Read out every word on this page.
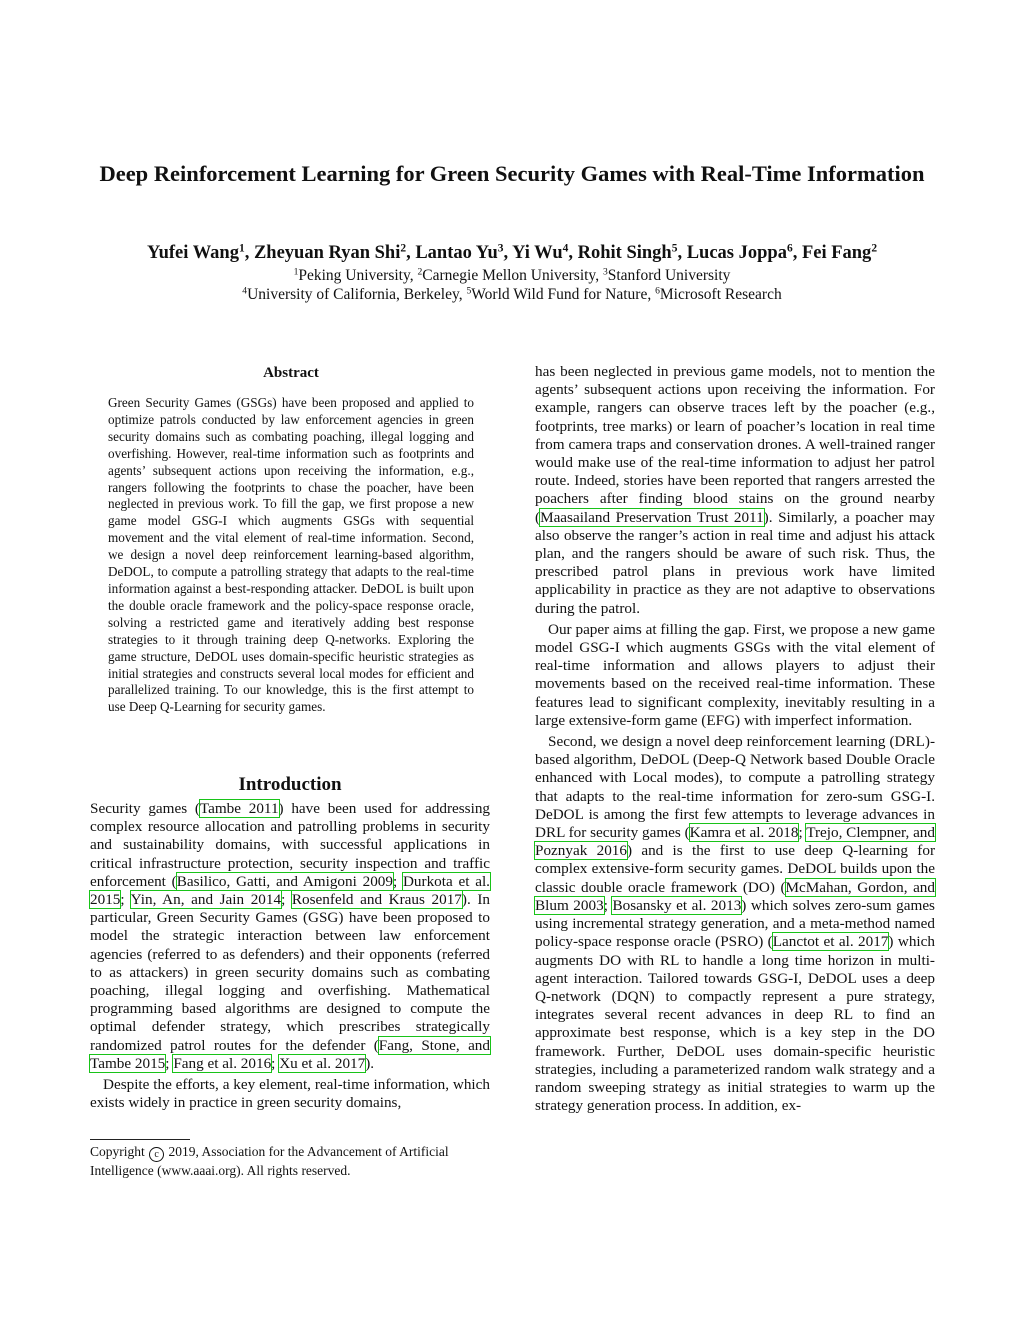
Deep Reinforcement Learning for Green Security Games with Real-Time Information
Yufei Wang$^1$, Zheyuan Ryan Shi$^2$, Lantao Yu$^3$, Yi Wu$^4$, Rohit Singh$^5$, Lucas Joppa$^6$, Fei Fang$^2$
$^1$Peking University, $^2$Carnegie Mellon University, $^3$Stanford University
$^4$University of California, Berkeley, $^5$World Wild Fund for Nature, $^6$Microsoft Research
Abstract
Green Security Games (GSGs) have been proposed and applied to optimize patrols conducted by law enforcement agencies in green security domains such as combating poaching, illegal logging and overfishing. However, real-time information such as footprints and agents’ subsequent actions upon receiving the information, e.g., rangers following the footprints to chase the poacher, have been neglected in previous work. To fill the gap, we first propose a new game model GSG-I which augments GSGs with sequential movement and the vital element of real-time information. Second, we design a novel deep reinforcement learning-based algorithm, DeDOL, to compute a patrolling strategy that adapts to the real-time information against a best-responding attacker. DeDOL is built upon the double oracle framework and the policy-space response oracle, solving a restricted game and iteratively adding best response strategies to it through training deep Q-networks. Exploring the game structure, DeDOL uses domain-specific heuristic strategies as initial strategies and constructs several local modes for efficient and parallelized training. To our knowledge, this is the first attempt to use Deep Q-Learning for security games.
Introduction

Security games (Tambe 2011) have been used for addressing complex resource allocation and patrolling problems in security and sustainability domains, with successful applications in critical infrastructure protection, security inspection and traffic enforcement (Basilico, Gatti, and Amigoni 2009; Durkota et al. 2015; Yin, An, and Jain 2014; Rosenfeld and Kraus 2017). In particular, Green Security Games (GSG) have been proposed to model the strategic interaction between law enforcement agencies (referred to as defenders) and their opponents (referred to as attackers) in green security domains such as combating poaching, illegal logging and overfishing. Mathematical programming based algorithms are designed to compute the optimal defender strategy, which prescribes strategically randomized patrol routes for the defender (Fang, Stone, and Tambe 2015; Fang et al. 2016; Xu et al. 2017).

Despite the efforts, a key element, real-time information, which exists widely in practice in green security domains,

has been neglected in previous game models, not to mention the agents’ subsequent actions upon receiving the information. For example, rangers can observe traces left by the poacher (e.g., footprints, tree marks) or learn of poacher’s location in real time from camera traps and conservation drones. A well-trained ranger would make use of the real-time information to adjust her patrol route. Indeed, stories have been reported that rangers arrested the poachers after finding blood stains on the ground nearby (Maasailand Preservation Trust 2011). Similarly, a poacher may also observe the ranger’s action in real time and adjust his attack plan, and the rangers should be aware of such risk. Thus, the prescribed patrol plans in previous work have limited applicability in practice as they are not adaptive to observations during the patrol.

Our paper aims at filling the gap. First, we propose a new game model GSG-I which augments GSGs with the vital element of real-time information and allows players to adjust their movements based on the received real-time information. These features lead to significant complexity, inevitably resulting in a large extensive-form game (EFG) with imperfect information.

Second, we design a novel deep reinforcement learning (DRL)-based algorithm, DeDOL (Deep-Q Network based Double Oracle enhanced with Local modes), to compute a patrolling strategy that adapts to the real-time information for zero-sum GSG-I. DeDOL is among the first few attempts to leverage advances in DRL for security games (Kamra et al. 2018; Trejo, Clempner, and Poznyak 2016) and is the first to use deep Q-learning for complex extensive-form security games. DeDOL builds upon the classic double oracle framework (DO) (McMahan, Gordon, and Blum 2003; Bosansky et al. 2013) which solves zero-sum games using incremental strategy generation, and a meta-method named policy-space response oracle (PSRO) (Lanctot et al. 2017) which augments DO with RL to handle a long time horizon in multi-agent interaction. Tailored towards GSG-I, DeDOL uses a deep Q-network (DQN) to compactly represent a pure strategy, integrates several recent advances in deep RL to find an approximate best response, which is a key step in the DO framework. Further, DeDOL uses domain-specific heuristic strategies, including a parameterized random walk strategy and a random sweeping strategy as initial strategies to warm up the strategy generation process. In addition, ex-

Copyright c 2019, Association for the Advancement of Artificial Intelligence (www.aaai.org). All rights reserved.
